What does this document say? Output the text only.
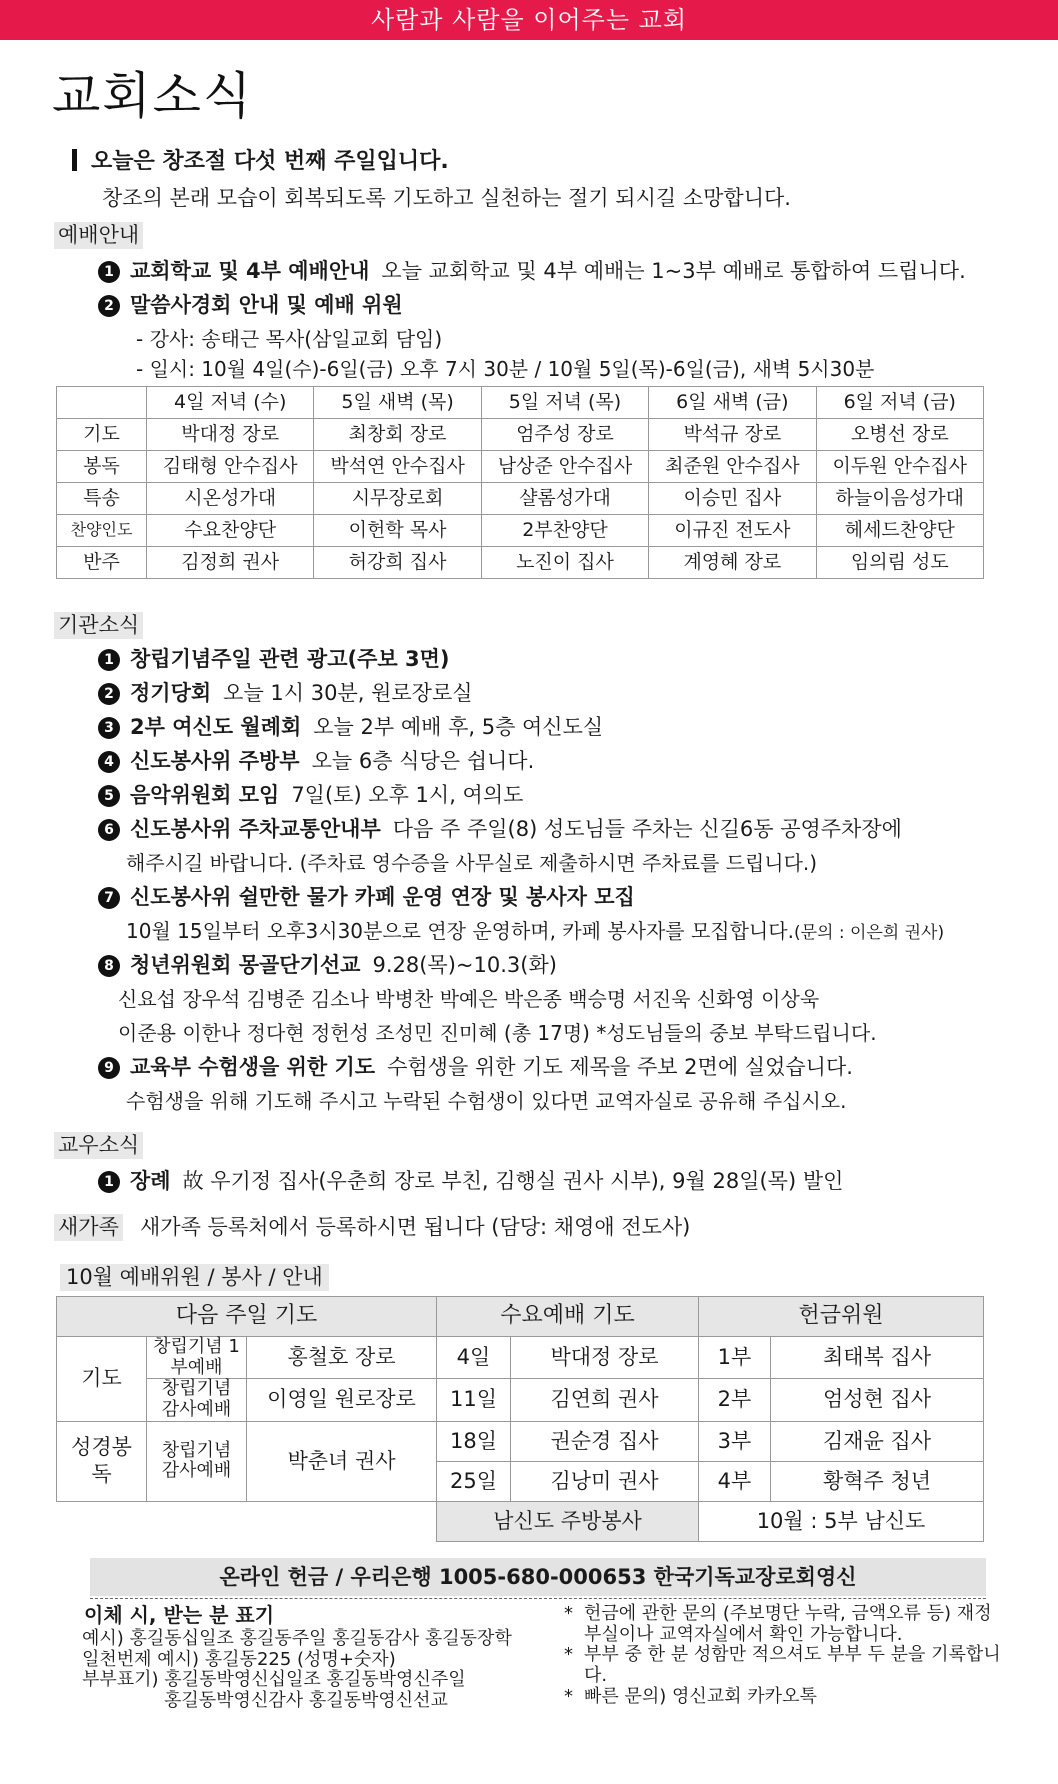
사람과 사람을 이어주는 교회
교회소식
오늘은 창조절 다섯 번째 주일입니다.
창조의 본래 모습이 회복되도록 기도하고 실천하는 절기 되시길 소망합니다.
예배안내
1 교회학교 및 4부 예배안내 오늘 교회학교 및 4부 예배는 1~3부 예배로 통합하여 드립니다.
2 말씀사경회 안내 및 예배 위원
- 강사: 송태근 목사(삼일교회 담임)
- 일시: 10월 4일(수)-6일(금) 오후 7시 30분 / 10월 5일(목)-6일(금), 새벽 5시30분
	4일 저녁 (수)	5일 새벽 (목)	5일 저녁 (목)	6일 새벽 (금)	6일 저녁 (금)
기도	박대정 장로	최창회 장로	엄주성 장로	박석규 장로	오병선 장로
봉독	김태형 안수집사	박석연 안수집사	남상준 안수집사	최준원 안수집사	이두원 안수집사
특송	시온성가대	시무장로회	샬롬성가대	이승민 집사	하늘이음성가대
찬양인도	수요찬양단	이헌학 목사	2부찬양단	이규진 전도사	헤세드찬양단
반주	김정희 권사	허강희 집사	노진이 집사	계영혜 장로	임의림 성도
기관소식
1 창립기념주일 관련 광고(주보 3면)
2 정기당회 오늘 1시 30분, 원로장로실
3 2부 여신도 월례회 오늘 2부 예배 후, 5층 여신도실
4 신도봉사위 주방부 오늘 6층 식당은 쉽니다.
5 음악위원회 모임 7일(토) 오후 1시, 여의도
6 신도봉사위 주차교통안내부 다음 주 주일(8) 성도님들 주차는 신길6동 공영주차장에
해주시길 바랍니다. (주차료 영수증을 사무실로 제출하시면 주차료를 드립니다.)
7 신도봉사위 쉴만한 물가 카페 운영 연장 및 봉사자 모집
10월 15일부터 오후3시30분으로 연장 운영하며, 카페 봉사자를 모집합니다.(문의 : 이은희 권사)
8 청년위원회 몽골단기선교 9.28(목)~10.3(화)
신요섭 장우석 김병준 김소나 박병찬 박예은 박은종 백승명 서진욱 신화영 이상욱
이준용 이한나 정다현 정헌성 조성민 진미혜 (총 17명) *성도님들의 중보 부탁드립니다.
9 교육부 수험생을 위한 기도 수험생을 위한 기도 제목을 주보 2면에 실었습니다.
수험생을 위해 기도해 주시고 누락된 수험생이 있다면 교역자실로 공유해 주십시오.
교우소식
1 장례 故 우기정 집사(우춘희 장로 부친, 김행실 권사 시부), 9월 28일(목) 발인
새가족 새가족 등록처에서 등록하시면 됩니다 (담당: 채영애 전도사)
10월 예배위원 / 봉사 / 안내
다음 주일 기도			수요예배 기도		헌금위원	
기도	창립기념 1부예배	홍철호 장로	4일	박대정 장로	1부	최태복 집사
	창립기념 감사예배	이영일 원로장로	11일	김연희 권사	2부	엄성현 집사
성경봉독	창립기념 감사예배	박춘녀 권사	18일	권순경 집사	3부	김재윤 집사
			25일	김낭미 권사	4부	황혁주 청년
			남신도 주방봉사		10월 : 5부 남신도	
온라인 헌금 / 우리은행 1005-680-000653 한국기독교장로회영신
이체 시, 받는 분 표기
예시) 홍길동십일조 홍길동주일 홍길동감사 홍길동장학
일천번제 예시) 홍길동225 (성명+숫자)
부부표기) 홍길동박영신십일조 홍길동박영신주일
홍길동박영신감사 홍길동박영신선교
* 헌금에 관한 문의 (주보명단 누락, 금액오류 등) 재정부실이나 교역자실에서 확인 가능합니다.
* 부부 중 한 분 성함만 적으셔도 부부 두 분을 기록합니다.
* 빠른 문의) 영신교회 카카오톡
